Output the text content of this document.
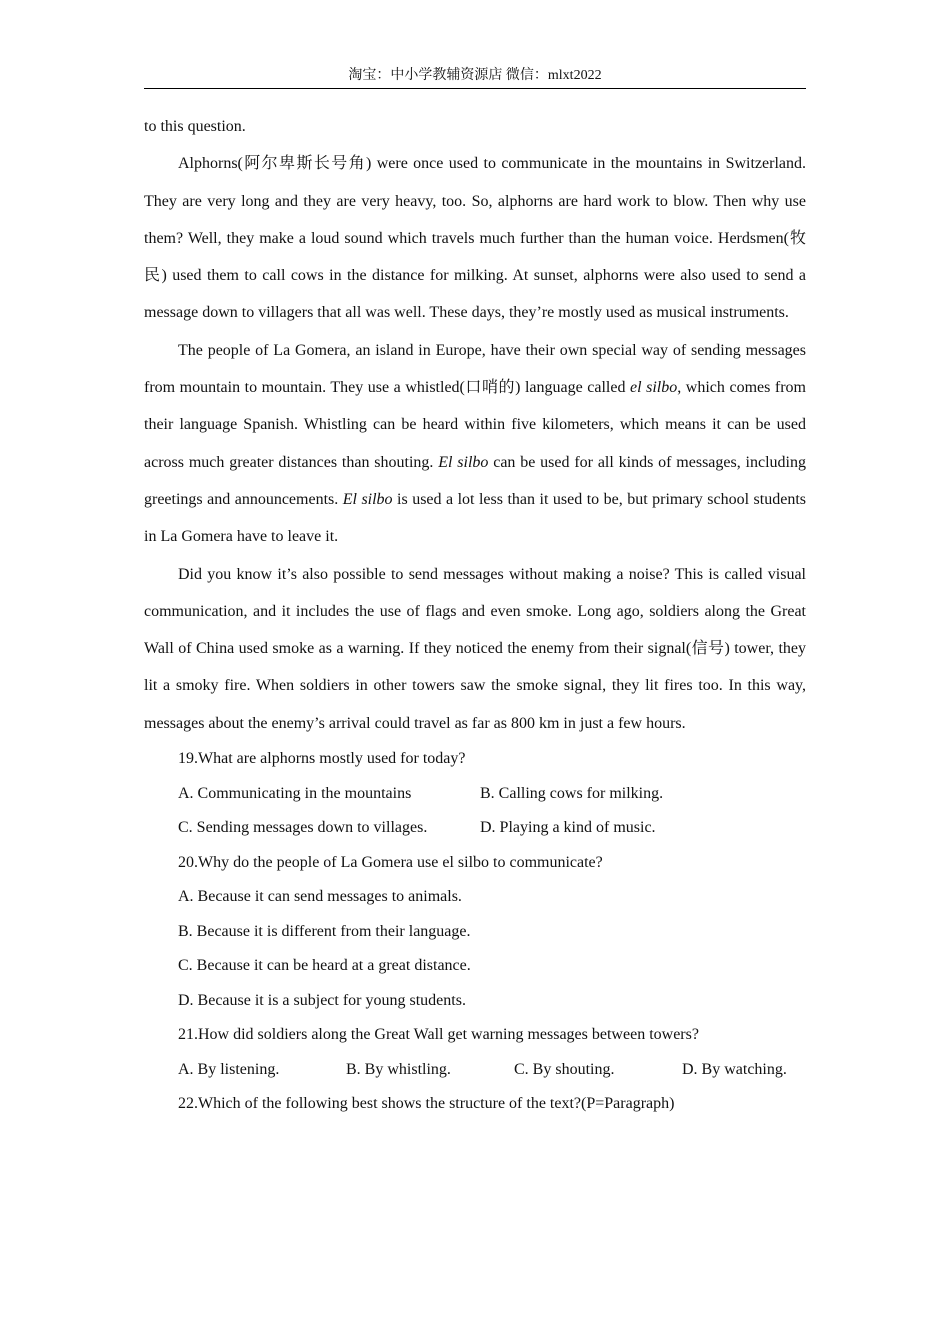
淘宝：中小学教辅资源店 微信：mlxt2022

to this question.

Alphorns(阿尔卑斯长号角) were once used to communicate in the mountains in Switzerland. They are very long and they are very heavy, too. So, alphorns are hard work to blow. Then why use them? Well, they make a loud sound which travels much further than the human voice. Herdsmen(牧民) used them to call cows in the distance for milking. At sunset, alphorns were also used to send a message down to villagers that all was well. These days, they’re mostly used as musical instruments.

The people of La Gomera, an island in Europe, have their own special way of sending messages from mountain to mountain. They use a whistled(口哨的) language called el silbo, which comes from their language Spanish. Whistling can be heard within five kilometers, which means it can be used across much greater distances than shouting. El silbo can be used for all kinds of messages, including greetings and announcements. El silbo is used a lot less than it used to be, but primary school students in La Gomera have to leave it.

Did you know it’s also possible to send messages without making a noise? This is called visual communication, and it includes the use of flags and even smoke. Long ago, soldiers along the Great Wall of China used smoke as a warning. If they noticed the enemy from their signal(信号) tower, they lit a smoky fire. When soldiers in other towers saw the smoke signal, they lit fires too. In this way, messages about the enemy’s arrival could travel as far as 800 km in just a few hours.

19.What are alphorns mostly used for today?
A. Communicating in the mountains	B. Calling cows for milking.
C. Sending messages down to villages.	D. Playing a kind of music.
20.Why do the people of La Gomera use el silbo to communicate?
A. Because it can send messages to animals.
B. Because it is different from their language.
C. Because it can be heard at a great distance.
D. Because it is a subject for young students.
21.How did soldiers along the Great Wall get warning messages between towers?
A. By listening.	B. By whistling.	C. By shouting.	D. By watching.
22.Which of the following best shows the structure of the text?(P=Paragraph)
